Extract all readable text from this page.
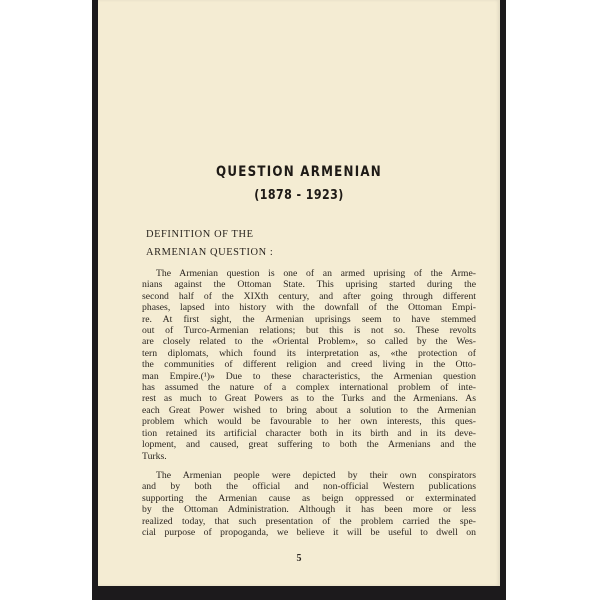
QUESTION ARMENIAN
(1878 - 1923)
DEFINITION OF THE
ARMENIAN QUESTION :
The Armenian question is one of an armed uprising of the Arme-
nians against the Ottoman State. This uprising started during the
second half of the XIXth century, and after going through different
phases, lapsed into history with the downfall of the Ottoman Empi-
re. At first sight, the Armenian uprisings seem to have stemmed
out of Turco-Armenian relations; but this is not so. These revolts
are closely related to the «Oriental Problem», so called by the Wes-
tern diplomats, which found its interpretation as, «the protection of
the communities of different religion and creed living in the Otto-
man Empire.(¹)» Due to these characteristics, the Armenian question
has assumed the nature of a complex international problem of inte-
rest as much to Great Powers as to the Turks and the Armenians. As
each Great Power wished to bring about a solution to the Armenian
problem which would be favourable to her own interests, this ques-
tion retained its artificial character both in its birth and in its deve-
lopment, and caused, great suffering to both the Armenians and the
Turks.
The Armenian people were depicted by their own conspirators
and by both the official and non-official Western publications
supporting the Armenian cause as beign oppressed or exterminated
by the Ottoman Administration. Although it has been more or less
realized today, that such presentation of the problem carried the spe-
cial purpose of propoganda, we believe it will be useful to dwell on
5
